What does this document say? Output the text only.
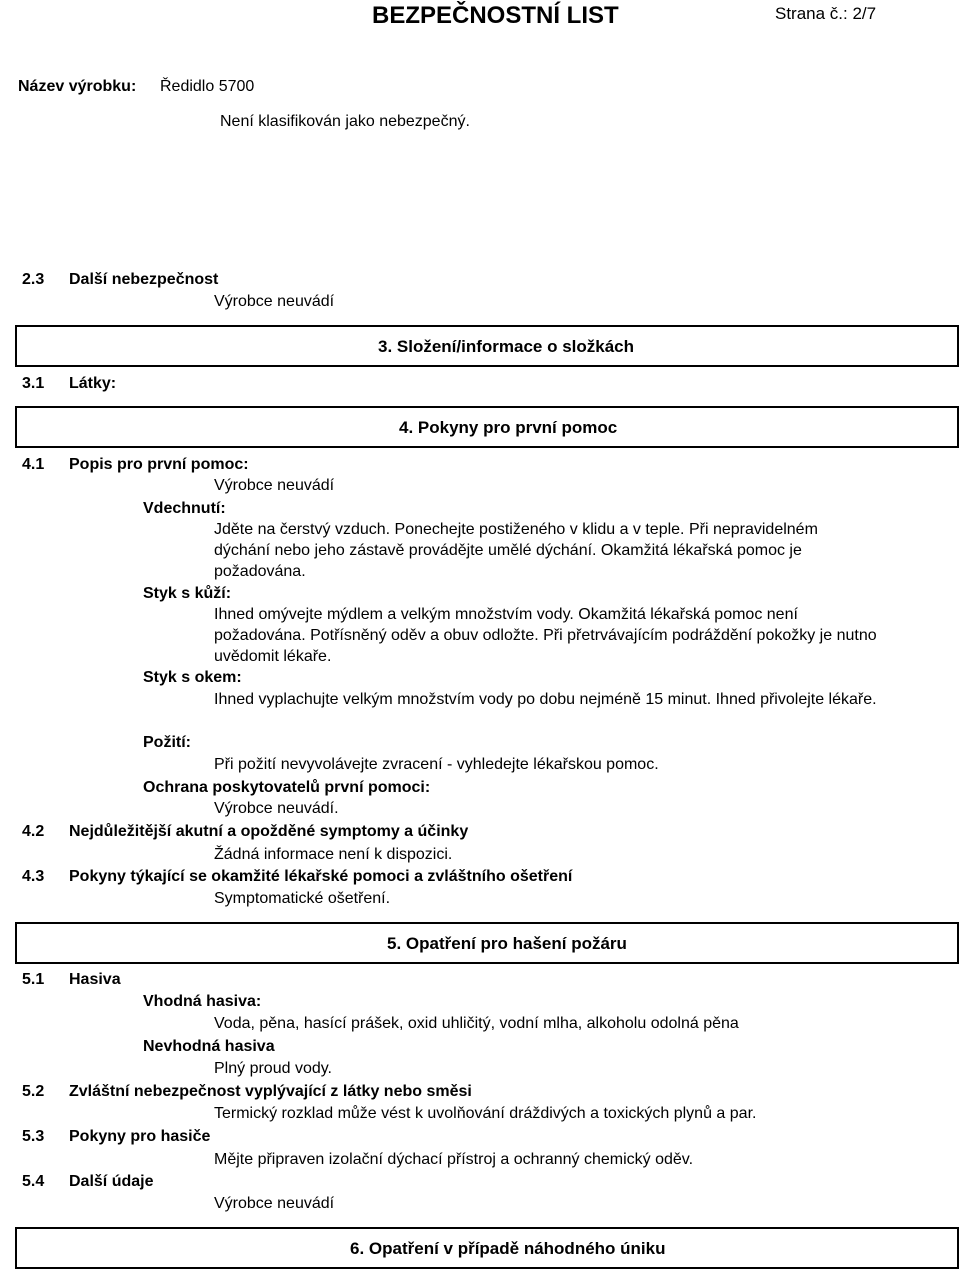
BEZPEČNOSTNÍ LIST	Strana č.: 2/7
Název výrobku: Ředidlo 5700
Není klasifikován jako nebezpečný.
2.3 Další nebezpečnost
Výrobce neuvádí
3. Složení/informace o složkách
3.1 Látky:
4. Pokyny pro první pomoc
4.1 Popis pro první pomoc:
Výrobce neuvádí
Vdechnutí:
Jděte na čerstvý vzduch. Ponechejte postiženého v klidu a v teple. Při nepravidelném dýchání nebo jeho zástavě provádějte umělé dýchání. Okamžitá lékařská pomoc je požadována.
Styk s kůží:
Ihned omývejte mýdlem a velkým množstvím vody. Okamžitá lékařská pomoc není požadována. Potřísněný oděv a obuv odložte. Při přetrvávajícím podráždění pokožky je nutno uvědomit lékaře.
Styk s okem:
Ihned vyplachujte velkým množstvím vody po dobu nejméně 15 minut. Ihned přivolejte lékaře.
Požití:
Při požití nevyvolávejte zvracení - vyhledejte lékařskou pomoc.
Ochrana poskytovatelů první pomoci:
Výrobce neuvádí.
4.2 Nejdůležitější akutní a opožděné symptomy a účinky
Žádná informace není k dispozici.
4.3 Pokyny týkající se okamžité lékařské pomoci a zvláštního ošetření
Symptomatické ošetření.
5. Opatření pro hašení požáru
5.1 Hasiva
Vhodná hasiva:
Voda, pěna, hasící prášek, oxid uhličitý, vodní mlha, alkoholu odolná pěna
Nevhodná hasiva
Plný proud vody.
5.2 Zvláštní nebezpečnost vyplývající z látky nebo směsi
Termický rozklad může vést k uvolňování dráždivých a toxických plynů a par.
5.3 Pokyny pro hasiče
Mějte připraven izolační dýchací přístroj a ochranný chemický oděv.
5.4 Další údaje
Výrobce neuvádí
6. Opatření v případě náhodného úniku
